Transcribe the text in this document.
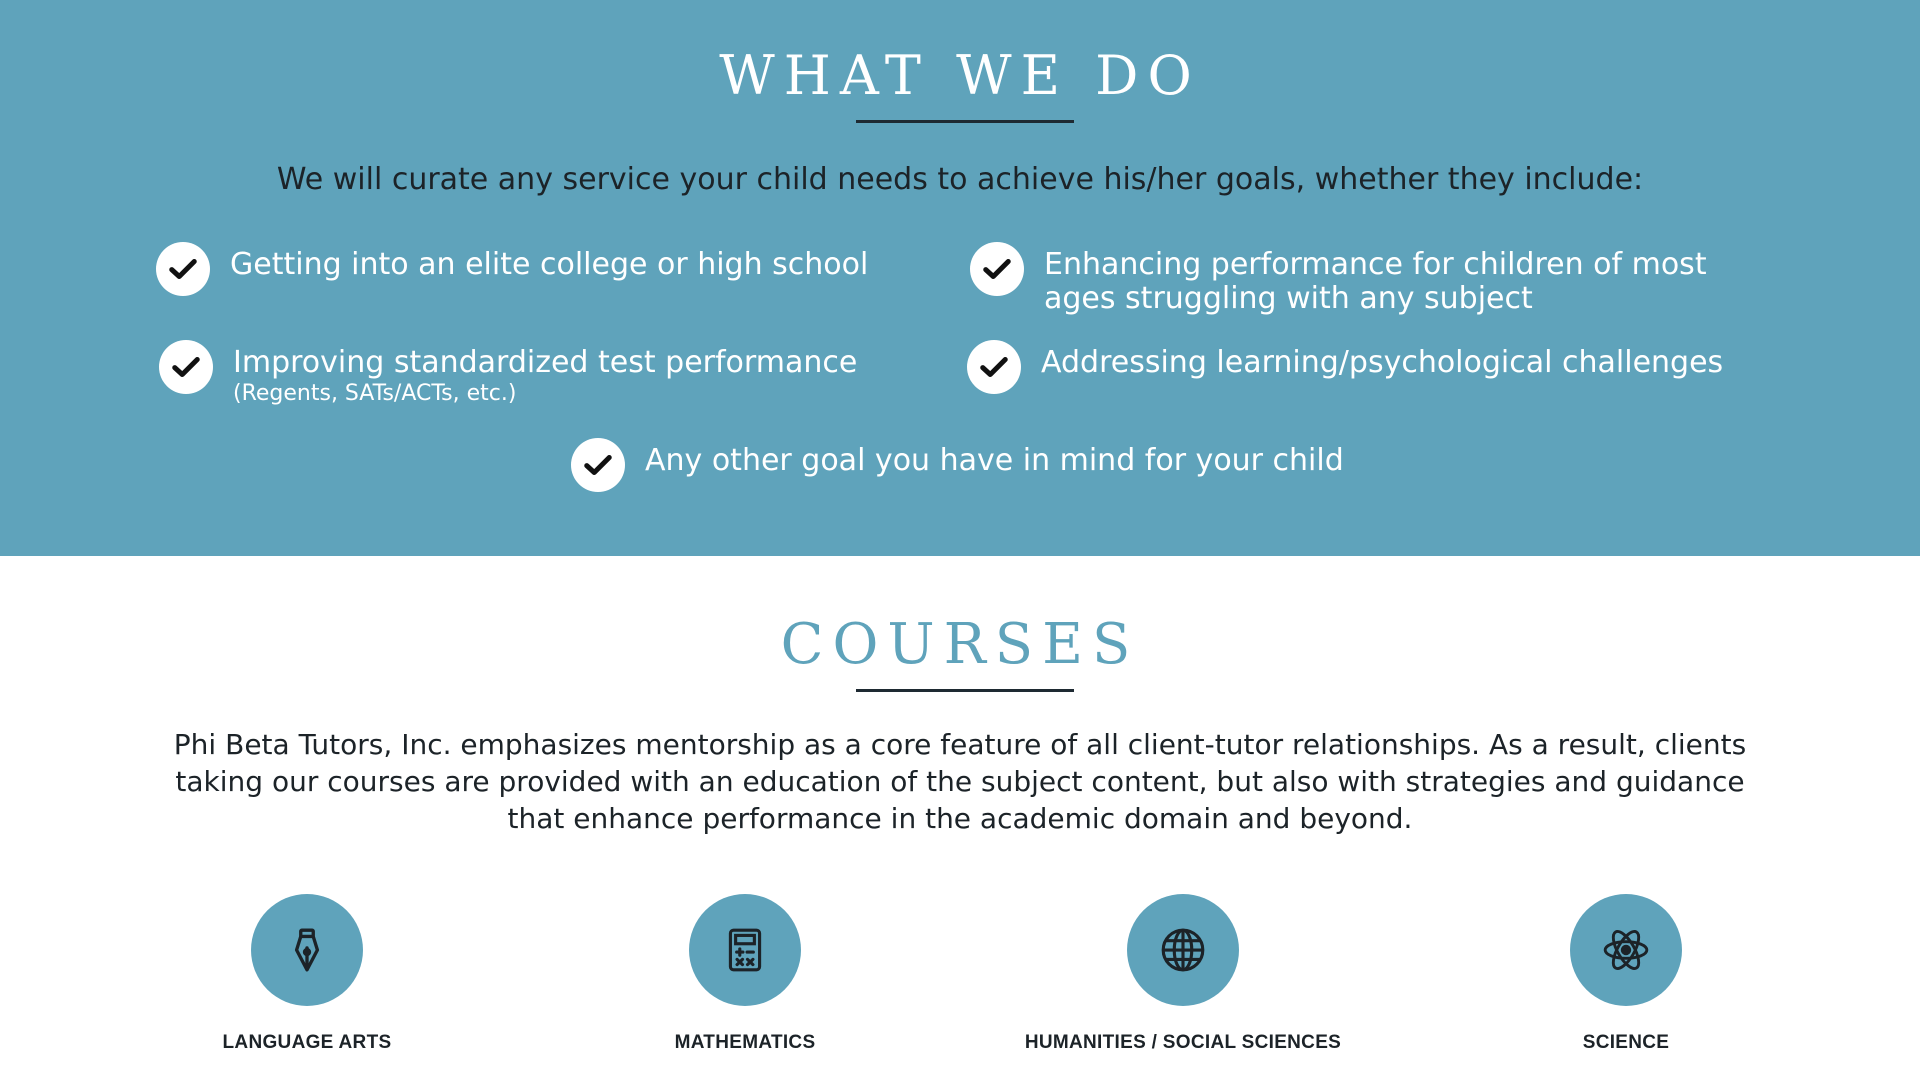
WHAT WE DO

We will curate any service your child needs to achieve his/her goals, whether they include:

Getting into an elite college or high school	Enhancing performance for children of most ages struggling with any subject
Improving standardized test performance
(Regents, SATs/ACTs, etc.)
Addressing learning/psychological challenges
Any other goal you have in mind for your child
COURSES

Phi Beta Tutors, Inc. emphasizes mentorship as a core feature of all client-tutor relationships. As a result, clients taking our courses are provided with an education of the subject content, but also with strategies and guidance that enhance performance in the academic domain and beyond.

LANGUAGE ARTS	MATHEMATICS	HUMANITIES / SOCIAL SCIENCES	SCIENCE
